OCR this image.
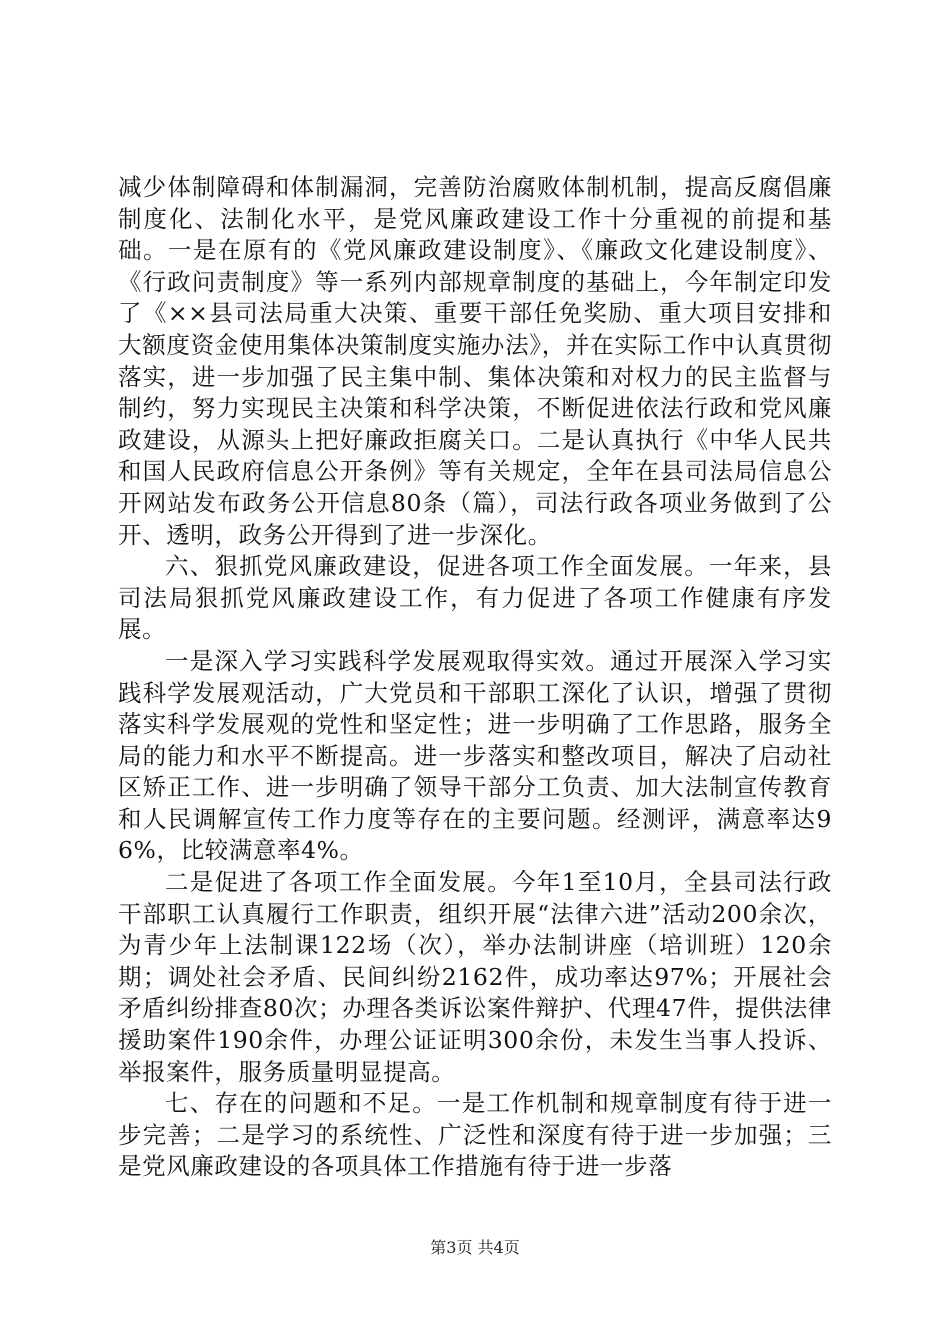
减少体制障碍和体制漏洞，完善防治腐败体制机制，提高反腐倡廉制度化、法制化水平，是党风廉政建设工作十分重视的前提和基础。一是在原有的《党风廉政建设制度》、《廉政文化建设制度》、《行政问责制度》等一系列内部规章制度的基础上，今年制定印发了《××县司法局重大决策、重要干部任免奖励、重大项目安排和大额度资金使用集体决策制度实施办法》，并在实际工作中认真贯彻落实，进一步加强了民主集中制、集体决策和对权力的民主监督与制约，努力实现民主决策和科学决策，不断促进依法行政和党风廉政建设，从源头上把好廉政拒腐关口。二是认真执行《中华人民共和国人民政府信息公开条例》等有关规定，全年在县司法局信息公开网站发布政务公开信息80条（篇），司法行政各项业务做到了公开、透明，政务公开得到了进一步深化。

六、狠抓党风廉政建设，促进各项工作全面发展。一年来，县司法局狠抓党风廉政建设工作，有力促进了各项工作健康有序发展。

一是深入学习实践科学发展观取得实效。通过开展深入学习实践科学发展观活动，广大党员和干部职工深化了认识，增强了贯彻落实科学发展观的党性和坚定性；进一步明确了工作思路，服务全局的能力和水平不断提高。进一步落实和整改项目，解决了启动社区矫正工作、进一步明确了领导干部分工负责、加大法制宣传教育和人民调解宣传工作力度等存在的主要问题。经测评，满意率达96%，比较满意率4%。

二是促进了各项工作全面发展。今年1至10月，全县司法行政干部职工认真履行工作职责，组织开展“法律六进”活动200余次，为青少年上法制课122场（次），举办法制讲座（培训班）120余期；调处社会矛盾、民间纠纷2162件，成功率达97%；开展社会矛盾纠纷排查80次；办理各类诉讼案件辩护、代理47件，提供法律援助案件190余件，办理公证证明300余份，未发生当事人投诉、举报案件，服务质量明显提高。

七、存在的问题和不足。一是工作机制和规章制度有待于进一步完善；二是学习的系统性、广泛性和深度有待于进一步加强；三是党风廉政建设的各项具体工作措施有待于进一步落

第3页 共4页
